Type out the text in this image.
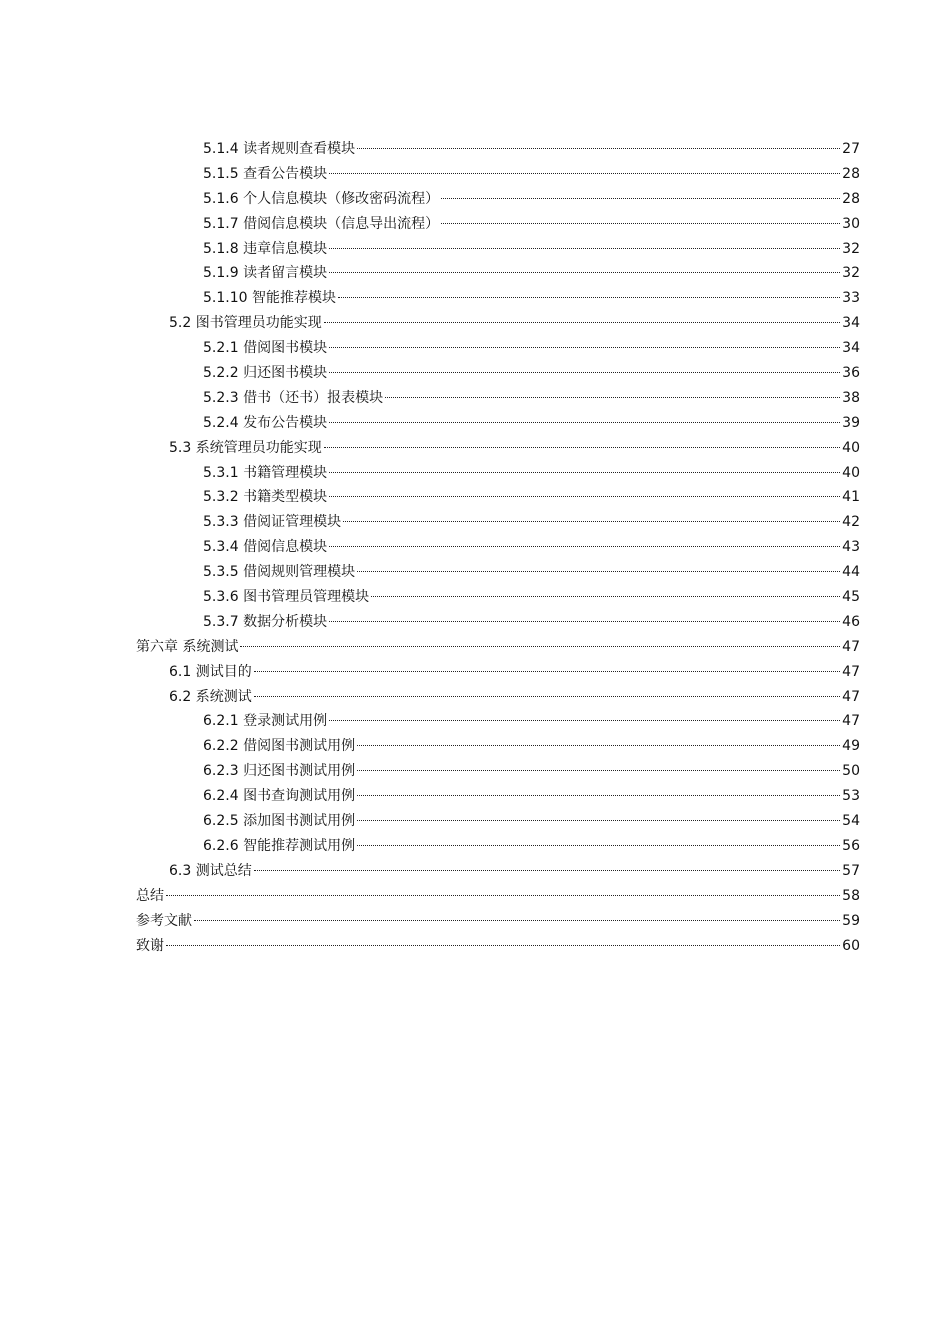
5.1.4 读者规则查看模块	27
5.1.5 查看公告模块	28
5.1.6 个人信息模块（修改密码流程）	28
5.1.7 借阅信息模块（信息导出流程）	30
5.1.8 违章信息模块	32
5.1.9 读者留言模块	32
5.1.10 智能推荐模块	33
5.2 图书管理员功能实现	34
5.2.1 借阅图书模块	34
5.2.2 归还图书模块	36
5.2.3 借书（还书）报表模块	38
5.2.4 发布公告模块	39
5.3 系统管理员功能实现	40
5.3.1 书籍管理模块	40
5.3.2 书籍类型模块	41
5.3.3 借阅证管理模块	42
5.3.4 借阅信息模块	43
5.3.5 借阅规则管理模块	44
5.3.6 图书管理员管理模块	45
5.3.7 数据分析模块	46
第六章 系统测试	47
6.1 测试目的	47
6.2 系统测试	47
6.2.1 登录测试用例	47
6.2.2 借阅图书测试用例	49
6.2.3 归还图书测试用例	50
6.2.4 图书查询测试用例	53
6.2.5 添加图书测试用例	54
6.2.6 智能推荐测试用例	56
6.3 测试总结	57
总结	58
参考文献	59
致谢	60
